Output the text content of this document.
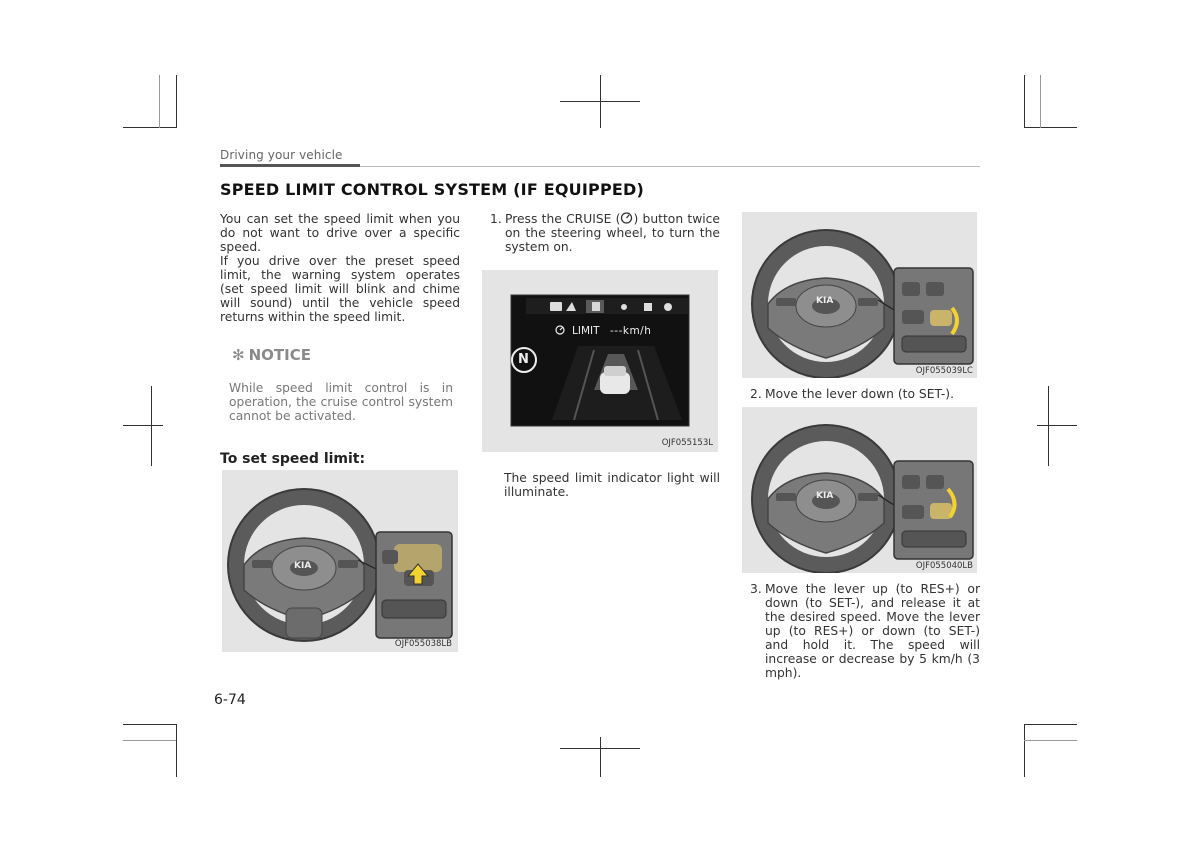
Driving your vehicle
SPEED LIMIT CONTROL SYSTEM (IF EQUIPPED)

You can set the speed limit when you do not want to drive over a specific speed.

If you drive over the preset speed limit, the warning system operates (set speed limit will blink and chime will sound) until the vehicle speed returns within the speed limit.

✻ NOTICE
While speed limit control is in operation, the cruise control system cannot be activated.
To set speed limit:
KIA
OJF055038LB
1. Press the CRUISE ( ) button twice on the steering wheel, to turn the system on.
LIMIT ---km/h
N
OJF055153L
The speed limit indicator light will illuminate.
KIA
OJF055039LC
2. Move the lever down (to SET-).
KIA
OJF055040LB
3. Move the lever up (to RES+) or down (to SET-), and release it at the desired speed. Move the lever up (to RES+) or down (to SET-) and hold it. The speed will increase or decrease by 5 km/h (3 mph).
6-74
